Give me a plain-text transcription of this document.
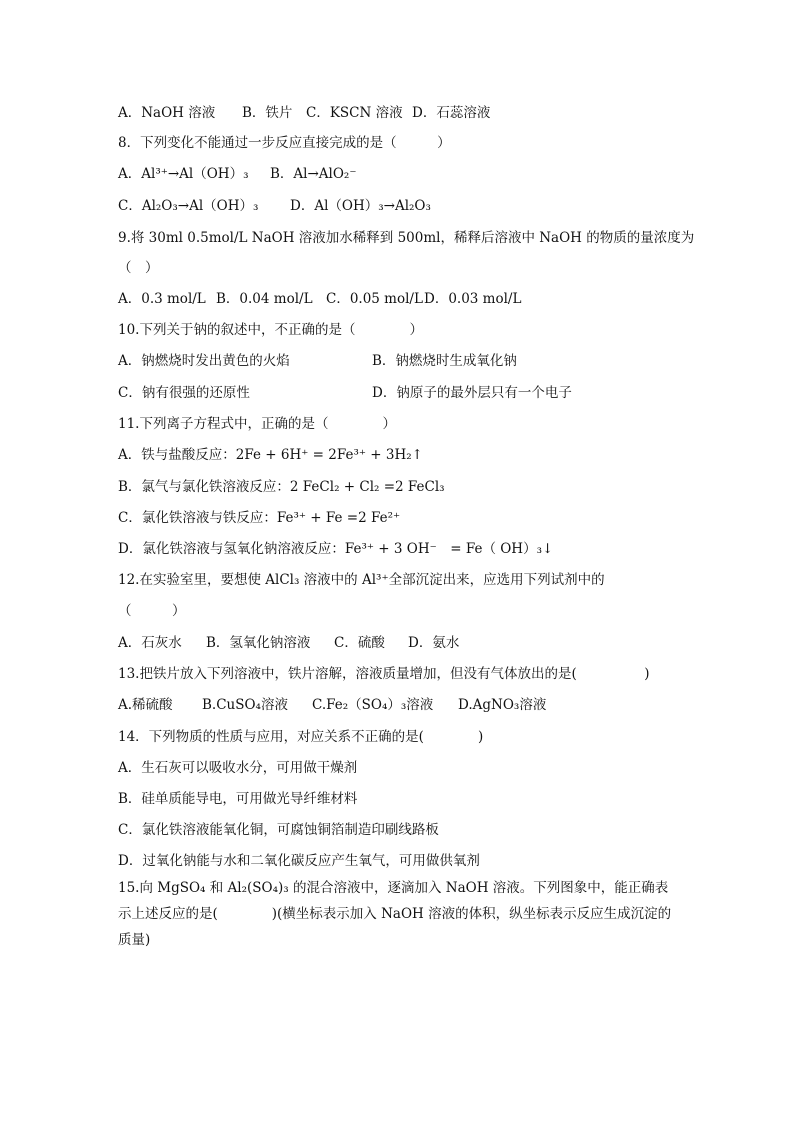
A．NaOH 溶液 B．铁片 C．KSCN 溶液 D．石蕊溶液
8．下列变化不能通过一步反应直接完成的是（　　　）
A．Al³⁺→Al（OH）₃ B．Al→AlO₂⁻
C．Al₂O₃→Al（OH）₃ D．Al（OH）₃→Al₂O₃
9.将 30ml 0.5mol/L NaOH 溶液加水稀释到 500ml，稀释后溶液中 NaOH 的物质的量浓度为
（　）
A．0.3 mol/L B．0.04 mol/L C．0.05 mol/LD．0.03 mol/L
10.下列关于钠的叙述中，不正确的是（　　　　）
A．钠燃烧时发出黄色的火焰	B．钠燃烧时生成氧化钠
C．钠有很强的还原性	D．钠原子的最外层只有一个电子
11.下列离子方程式中，正确的是（　　　　）
A．铁与盐酸反应：2Fe + 6H⁺ = 2Fe³⁺ + 3H₂↑
B．氯气与氯化铁溶液反应：2 FeCl₂ + Cl₂ =2 FeCl₃
C．氯化铁溶液与铁反应：Fe³⁺ + Fe =2 Fe²⁺
D．氯化铁溶液与氢氧化钠溶液反应：Fe³⁺ + 3 OH⁻　= Fe（ OH）₃↓
12.在实验室里，要想使 AlCl₃ 溶液中的 Al³⁺全部沉淀出来，应选用下列试剂中的
（　　　）
A．石灰水 B．氢氧化钠溶液 C．硫酸 D．氨水
13.把铁片放入下列溶液中，铁片溶解，溶液质量增加，但没有气体放出的是(　　　　　)
A.稀硫酸 B.CuSO₄溶液 C.Fe₂（SO₄）₃溶液 D.AgNO₃溶液
14．下列物质的性质与应用，对应关系不正确的是(　　　　)
A．生石灰可以吸收水分，可用做干燥剂
B．硅单质能导电，可用做光导纤维材料
C．氯化铁溶液能氧化铜，可腐蚀铜箔制造印刷线路板
D．过氧化钠能与水和二氧化碳反应产生氧气，可用做供氧剂
15.向 MgSO₄ 和 Al₂(SO₄)₃ 的混合溶液中，逐滴加入 NaOH 溶液。下列图象中，能正确表示上述反应的是(　　　　)(横坐标表示加入 NaOH 溶液的体积，纵坐标表示反应生成沉淀的质量)
